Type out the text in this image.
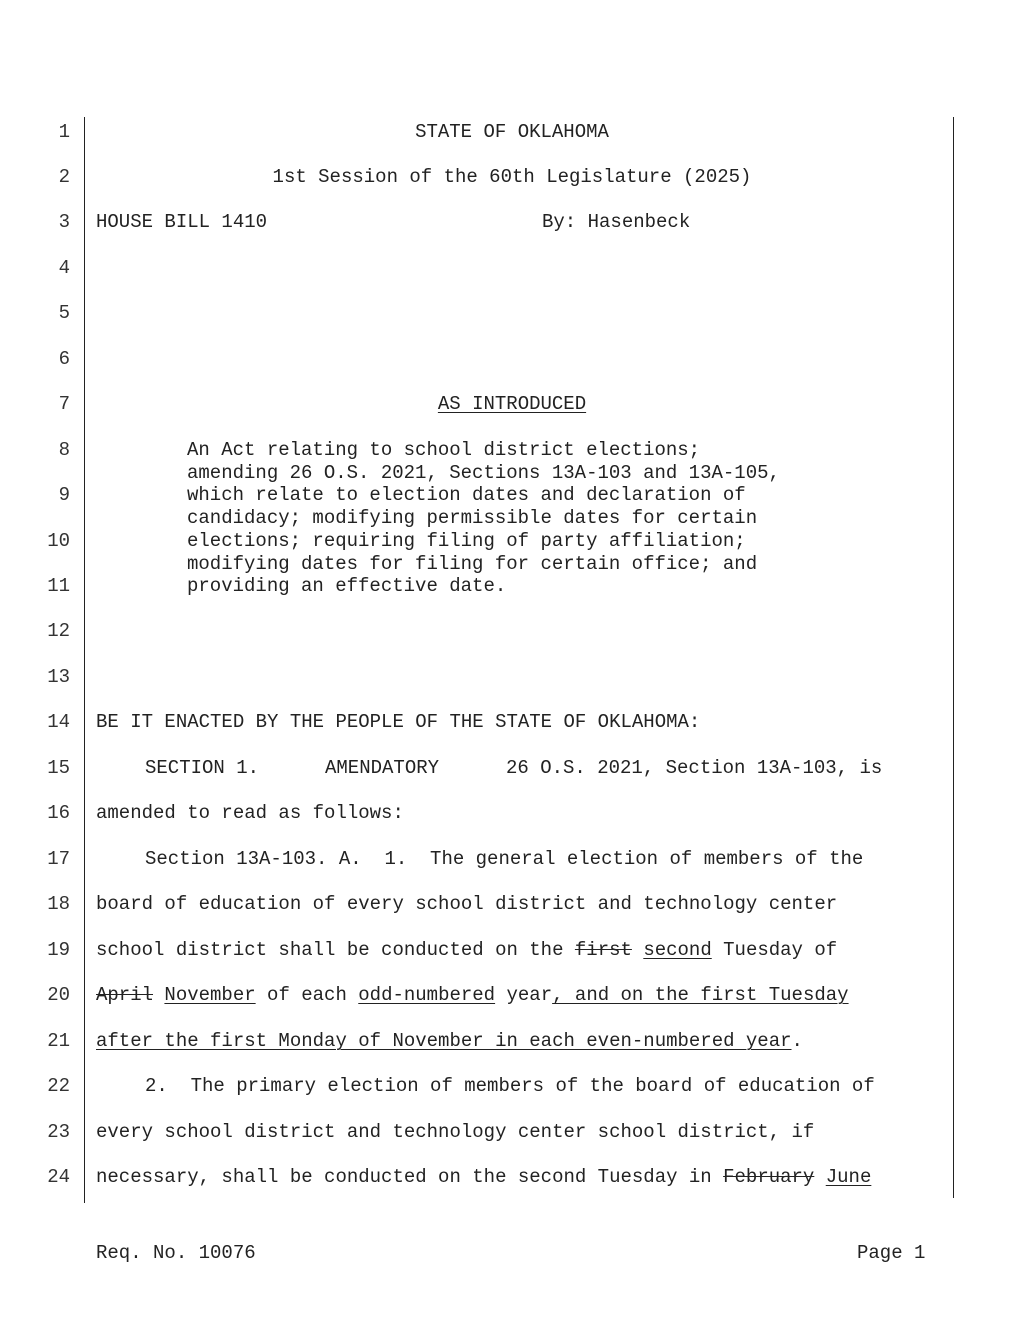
1
2
3
4
5
6
7
8
9
10
11
12
13
14
15
16
17
18
19
20
21
22
23
24
STATE OF OKLAHOMA
1st Session of the 60th Legislature (2025)
HOUSE BILL 1410	By: Hasenbeck
AS INTRODUCED
An Act relating to school district elections;
amending 26 O.S. 2021, Sections 13A-103 and 13A-105,
which relate to election dates and declaration of
candidacy; modifying permissible dates for certain
elections; requiring filing of party affiliation;
modifying dates for filing for certain office; and
providing an effective date.
BE IT ENACTED BY THE PEOPLE OF THE STATE OF OKLAHOMA:
SECTION 1.	AMENDATORY	26 O.S. 2021, Section 13A-103, is
amended to read as follows:
Section 13A-103. A.  1.  The general election of members of the
board of education of every school district and technology center
school district shall be conducted on the first second Tuesday of
April November of each odd-numbered year, and on the first Tuesday
after the first Monday of November in each even-numbered year.
2.  The primary election of members of the board of education of
every school district and technology center school district, if
necessary, shall be conducted on the second Tuesday in February June
Req. No. 10076	Page 1
